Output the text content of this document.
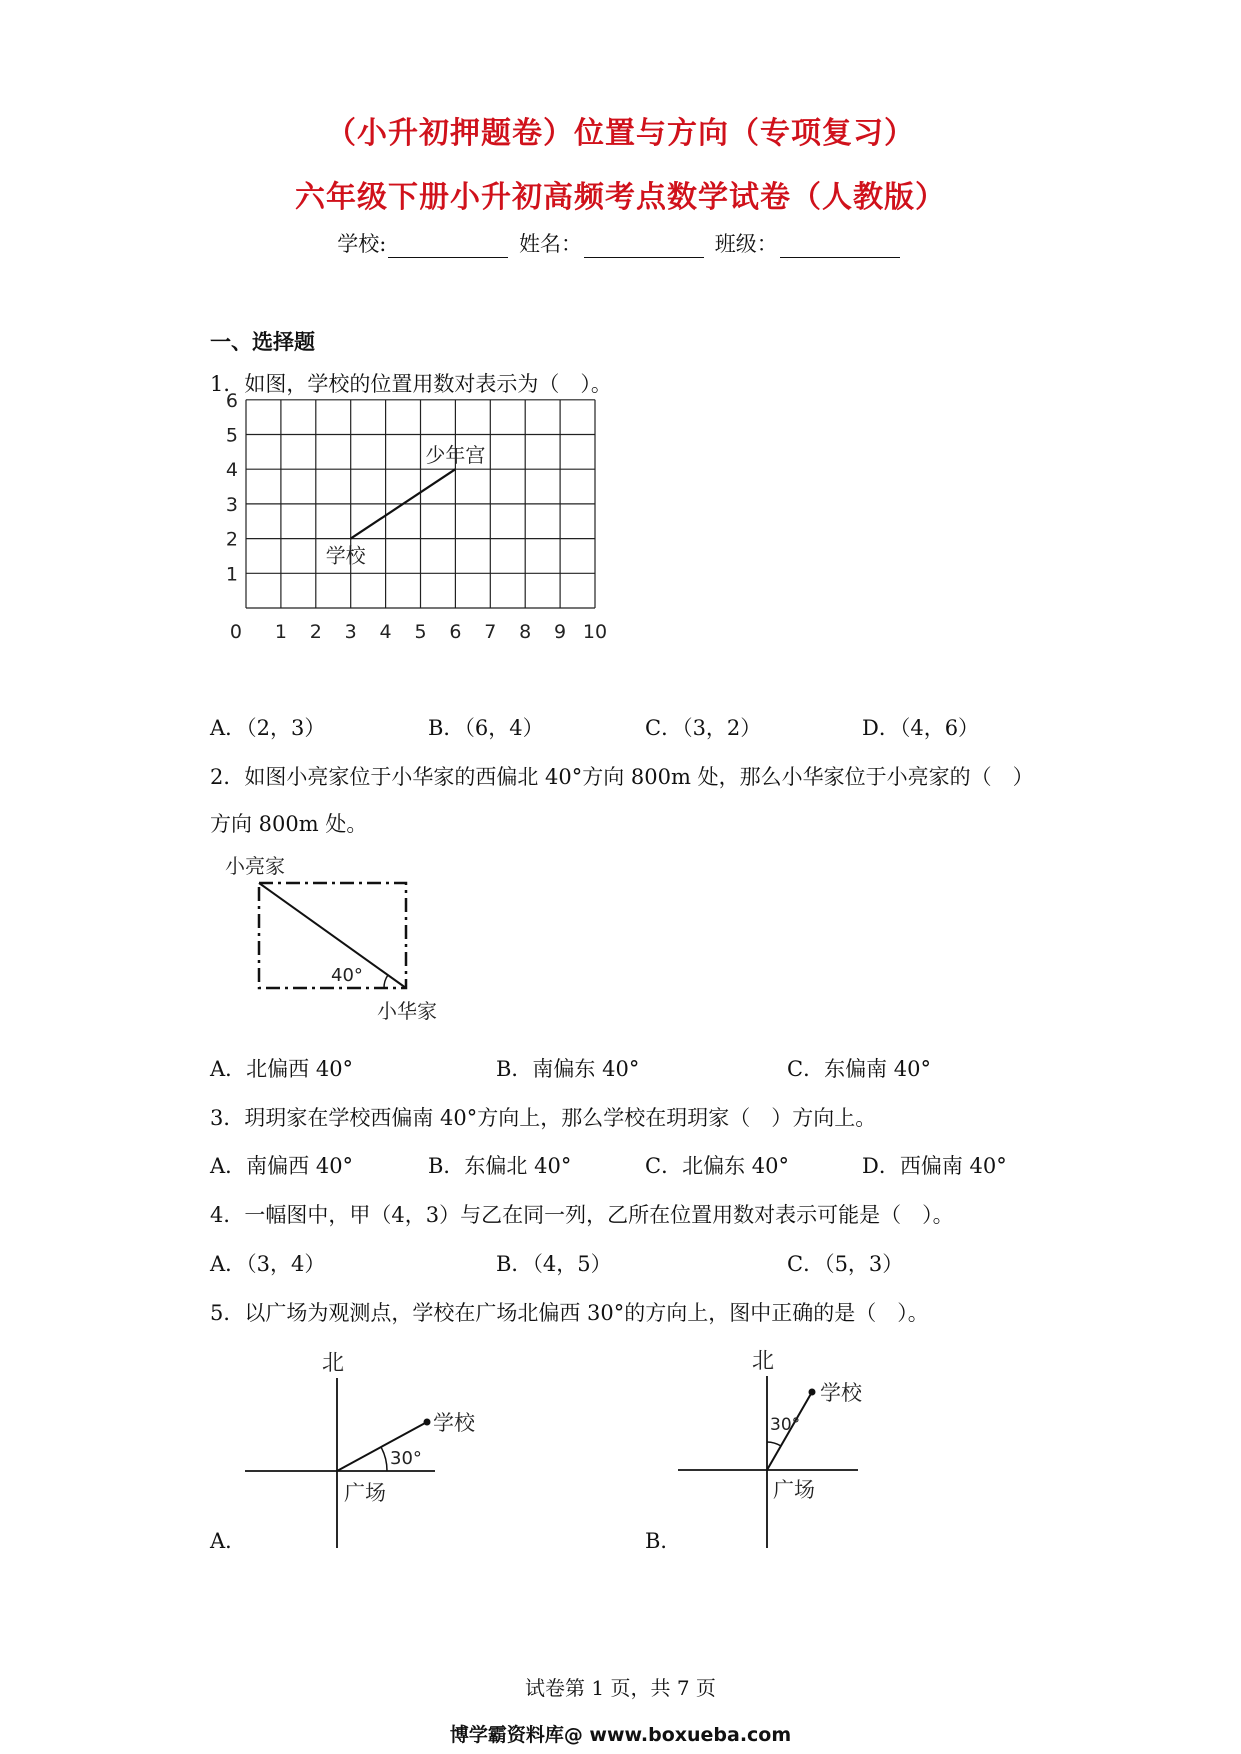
（小升初押题卷）位置与方向（专项复习）
六年级下册小升初高频考点数学试卷（人教版）
学校:	姓名：	班级：
一、选择题
1．如图，学校的位置用数对表示为（　）。
0 1 2 3 4 5 6 7 8 9 10
1
2
3
4
5
6
少年宫
学校
A．（2，3）	B．（6，4）	C．（3，2）	D．（4，6）
2．如图小亮家位于小华家的西偏北 40°方向 800m 处，那么小华家位于小亮家的（　）
方向 800m 处。
小亮家
40°
小华家
A．北偏西 40°	B．南偏东 40°	C．东偏南 40°
3．玥玥家在学校西偏南 40°方向上，那么学校在玥玥家（　）方向上。
A．南偏西 40°	B．东偏北 40°	C．北偏东 40°	D．西偏南 40°
4．一幅图中，甲（4，3）与乙在同一列，乙所在位置用数对表示可能是（　）。
A．（3，4）	B．（4，5）	C．（5，3）
5．以广场为观测点，学校在广场北偏西 30°的方向上，图中正确的是（　）。
北
学校
30°
广场
北
学校
30°
广场
A．	B．
试卷第 1 页，共 7 页
博学霸资料库@ www.boxueba.com
